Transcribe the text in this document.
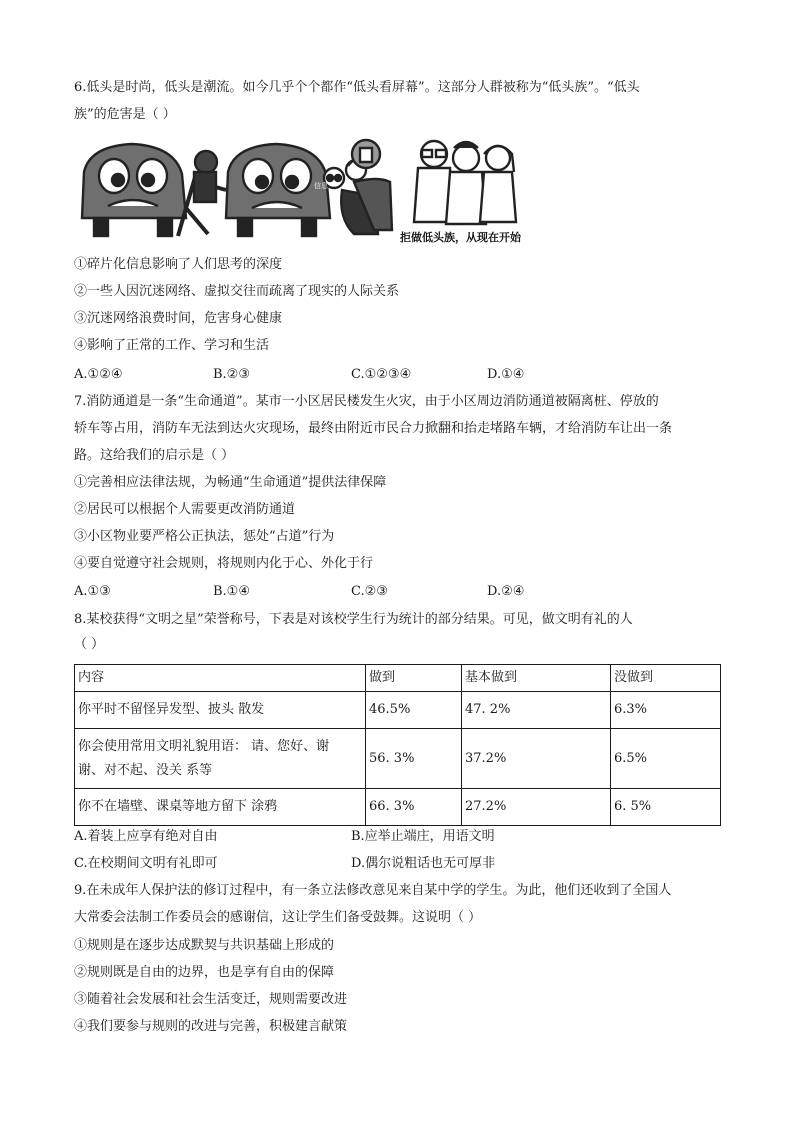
6.低头是时尚，低头是潮流。如今几乎个个都作“低头看屏幕”。这部分人群被称为“低头族”。“低头
族”的危害是（ ）
信息
拒做低头族，从现在开始
①碎片化信息影响了人们思考的深度
②一些人因沉迷网络、虚拟交往而疏离了现实的人际关系
③沉迷网络浪费时间，危害身心健康
④影响了正常的工作、学习和生活
A.①②④	B.②③	C.①②③④	D.①④
7.消防通道是一条“生命通道”。某市一小区居民楼发生火灾，由于小区周边消防通道被隔离桩、停放的
轿车等占用，消防车无法到达火灾现场，最终由附近市民合力掀翻和抬走堵路车辆，才给消防车让出一条
路。这给我们的启示是（ ）
①完善相应法律法规，为畅通“生命通道”提供法律保障
②居民可以根据个人需要更改消防通道
③小区物业要严格公正执法，惩处“占道”行为
④要自觉遵守社会规则，将规则内化于心、外化于行
A.①③	B.①④	C.②③	D.②④
8.某校获得“文明之星”荣誉称号，下表是对该校学生行为统计的部分结果。可见，做文明有礼的人
（ ）
内容	做到	基本做到	没做到
你平时不留怪异发型、披头 散发	46.5%	47. 2%	6.3%
你会使用常用文明礼貌用语： 请、您好、谢
谢、对不起、没关 系等	56. 3%	37.2%	6.5%
你不在墙壁、课桌等地方留下 涂鸦	66. 3%	27.2%	6. 5%
A.着装上应享有绝对自由	B.应举止端庄，用语文明
C.在校期间文明有礼即可	D.偶尔说粗话也无可厚非
9.在未成年人保护法的修订过程中，有一条立法修改意见来自某中学的学生。为此，他们还收到了全国人
大常委会法制工作委员会的感谢信，这让学生们备受鼓舞。这说明（ ）
①规则是在逐步达成默契与共识基础上形成的
②规则既是自由的边界，也是享有自由的保障
③随着社会发展和社会生活变迁，规则需要改进
④我们要参与规则的改进与完善，积极建言献策
